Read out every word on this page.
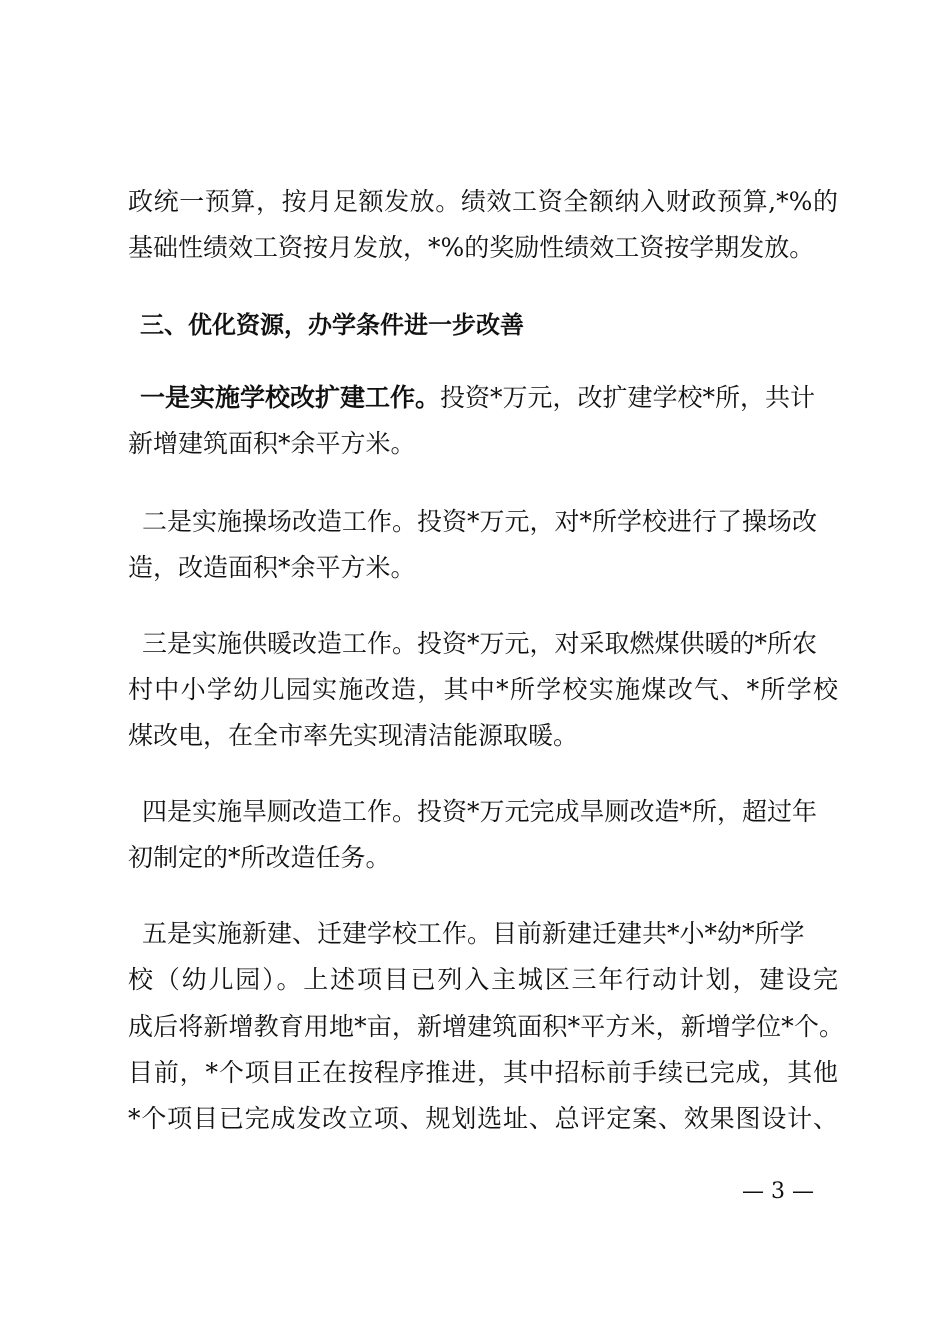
政统一预算，按月足额发放。绩效工资全额纳入财政预算,*%的
基础性绩效工资按月发放，*%的奖励性绩效工资按学期发放。
三、优化资源，办学条件进一步改善
一是实施学校改扩建工作。投资*万元，改扩建学校*所，共计
新增建筑面积*余平方米。
二是实施操场改造工作。投资*万元，对*所学校进行了操场改
造，改造面积*余平方米。
三是实施供暖改造工作。投资*万元，对采取燃煤供暖的*所农
村中小学幼儿园实施改造，其中*所学校实施煤改气、*所学校
煤改电，在全市率先实现清洁能源取暖。
四是实施旱厕改造工作。投资*万元完成旱厕改造*所，超过年
初制定的*所改造任务。
五是实施新建、迁建学校工作。目前新建迁建共*小*幼*所学
校（幼儿园）。上述项目已列入主城区三年行动计划，建设完
成后将新增教育用地*亩，新增建筑面积*平方米，新增学位*个。
目前，*个项目正在按程序推进，其中招标前手续已完成，其他
*个项目已完成发改立项、规划选址、总评定案、效果图设计、
— 3 —
